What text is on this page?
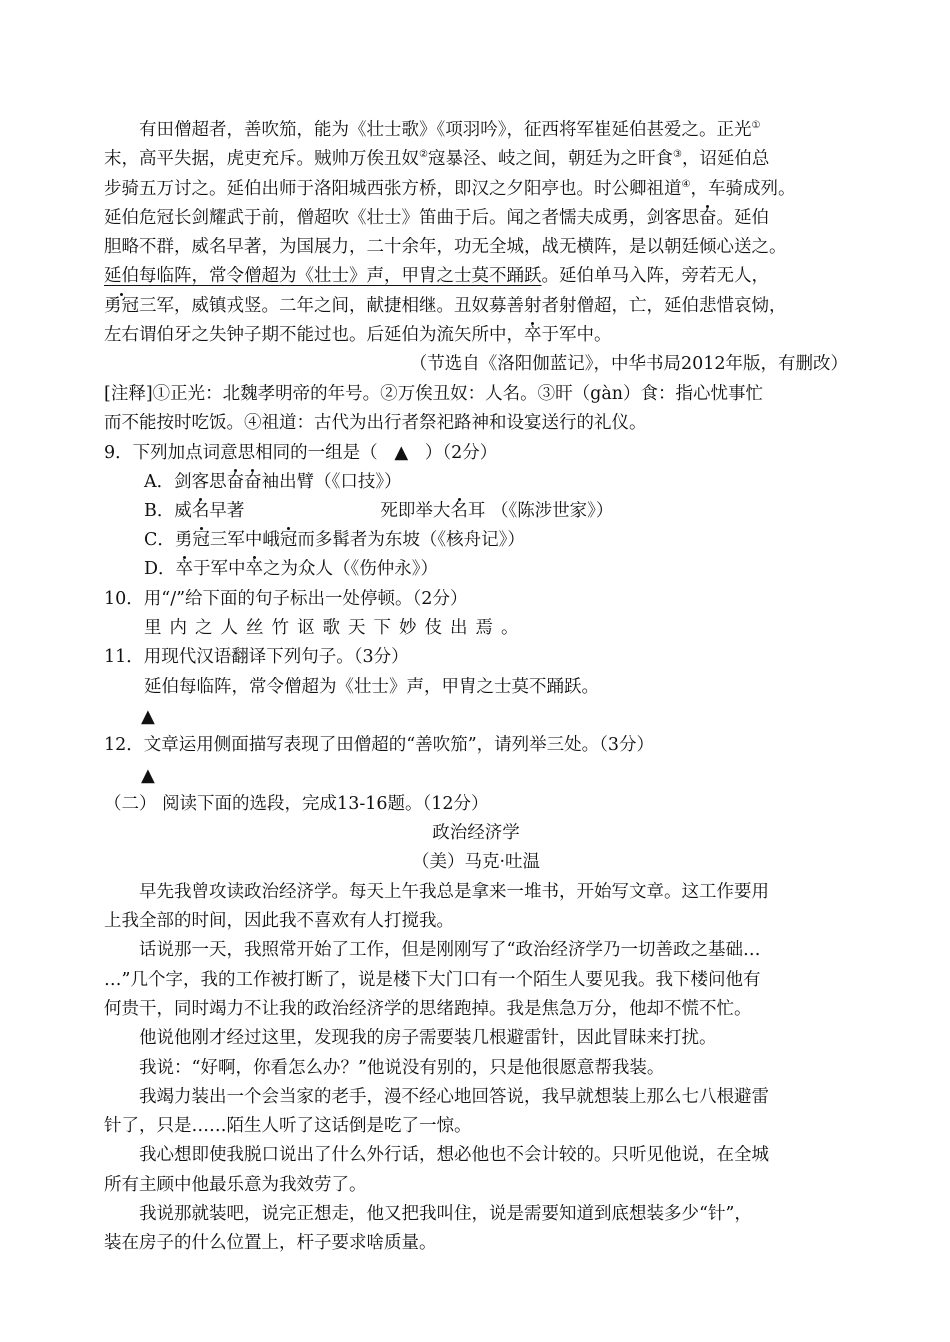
有田僧超者，善吹笳，能为《壮士歌》《项羽吟》，征西将军崔延伯甚爱之。正光①
末，高平失据，虎吏充斥。贼帅万俟丑奴②寇暴泾、岐之间，朝廷为之旰食③，诏延伯总
步骑五万讨之。延伯出师于洛阳城西张方桥，即汉之夕阳亭也。时公卿祖道④，车骑成列。
延伯危冠长剑耀武于前，僧超吹《壮士》笛曲于后。闻之者懦夫成勇，剑客思奋。延伯
胆略不群，威名早著，为国展力，二十余年，功无全城，战无横阵，是以朝廷倾心送之。
延伯每临阵，常令僧超为《壮士》声，甲胄之士莫不踊跃。延伯单马入阵，旁若无人，
勇冠三军，威镇戎竖。二年之间，献捷相继。丑奴募善射者射僧超，亡，延伯悲惜哀恸，
左右谓伯牙之失钟子期不能过也。后延伯为流矢所中，卒于军中。
（节选自《洛阳伽蓝记》，中华书局2012年版，有删改）
[注释]①正光：北魏孝明帝的年号。②万俟丑奴：人名。③旰（gàn）食：指心忧事忙
而不能按时吃饭。④祖道：古代为出行者祭祀路神和设宴送行的礼仪。
9．下列加点词意思相同的一组是（ ▲ ）（2分）
A．剑客思奋奋袖出臂（《口技》）
B．威名早著	死即举大名耳 （《陈涉世家》）
C．勇冠三军中峨冠而多髯者为东坡（《核舟记》）
D．卒于军中卒之为众人（《伤仲永》）
10．用“/”给下面的句子标出一处停顿。（2分）
里内之人丝竹讴歌天下妙伎出焉。
11．用现代汉语翻译下列句子。（3分）
延伯每临阵，常令僧超为《壮士》声，甲胄之士莫不踊跃。
▲
12．文章运用侧面描写表现了田僧超的“善吹笳”，请列举三处。（3分）
▲
（二） 阅读下面的选段，完成13-16题。（12分）
政治经济学
（美）马克·吐温
早先我曾攻读政治经济学。每天上午我总是拿来一堆书，开始写文章。这工作要用
上我全部的时间，因此我不喜欢有人打搅我。
话说那一天，我照常开始了工作，但是刚刚写了“政治经济学乃一切善政之基础…
…”几个字，我的工作被打断了，说是楼下大门口有一个陌生人要见我。我下楼问他有
何贵干，同时竭力不让我的政治经济学的思绪跑掉。我是焦急万分，他却不慌不忙。
他说他刚才经过这里，发现我的房子需要装几根避雷针，因此冒昧来打扰。
我说：“好啊，你看怎么办？”他说没有别的，只是他很愿意帮我装。
我竭力装出一个会当家的老手，漫不经心地回答说，我早就想装上那么七八根避雷
针了，只是……陌生人听了这话倒是吃了一惊。
我心想即使我脱口说出了什么外行话，想必他也不会计较的。只听见他说，在全城
所有主顾中他最乐意为我效劳了。
我说那就装吧，说完正想走，他又把我叫住，说是需要知道到底想装多少“针”，
装在房子的什么位置上，杆子要求啥质量。
